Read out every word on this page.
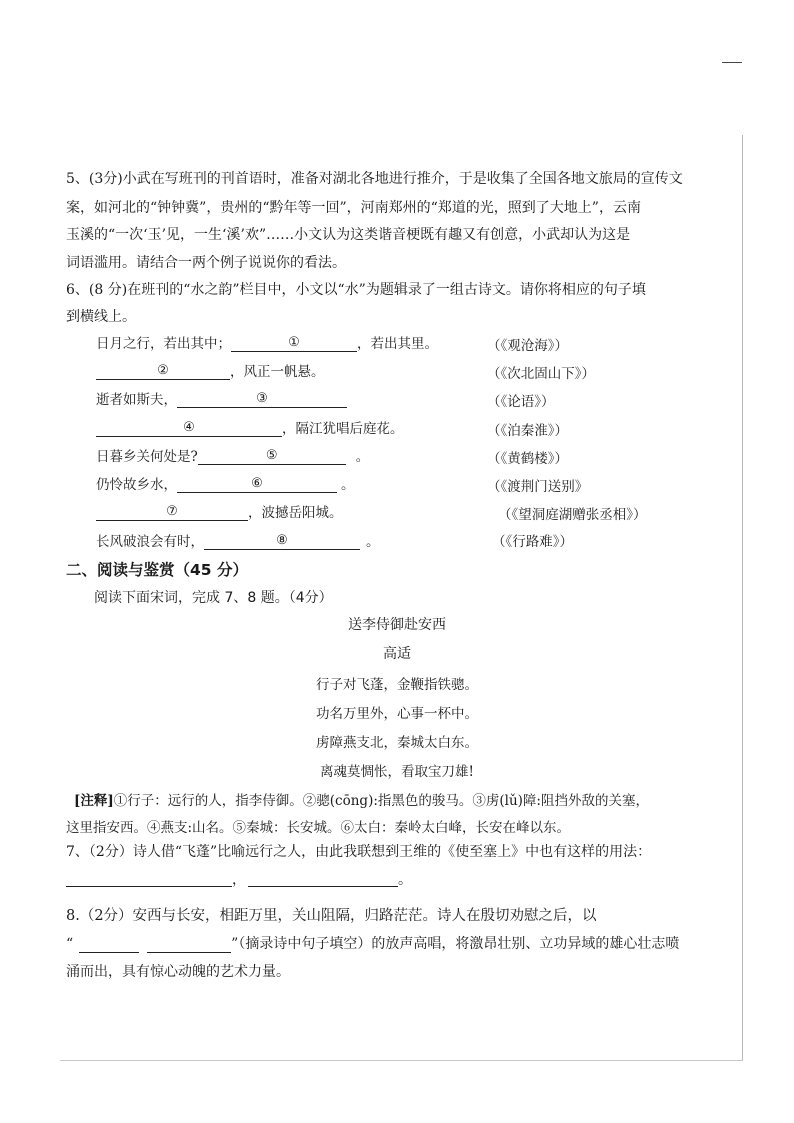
5、(3分)小武在写班刊的刊首语时，准备对湖北各地进行推介，于是收集了全国各地文旅局的宣传文
案，如河北的“钟钟冀”，贵州的“黔年等一回”，河南郑州的“郑道的光，照到了大地上”，云南
玉溪的“一次‘玉’见，一生‘溪’欢”……小文认为这类谐音梗既有趣又有创意，小武却认为这是
词语滥用。请结合一两个例子说说你的看法。
6、(8 分)在班刊的“水之韵”栏目中，小文以“水”为题辑录了一组古诗文。请你将相应的句子填
到横线上。
日月之行，若出其中；	①	，若出其里。	（《观沧海》）
②	，风正一帆悬。	（《次北固山下》）
逝者如斯夫，	③	（《论语》）
④	，隔江犹唱后庭花。	（《泊秦淮》）
日暮乡关何处是?	⑤	。	（《黄鹤楼》）
仍怜故乡水，	⑥	。	（《渡荆门送别》
⑦	，波撼岳阳城。	（《望洞庭湖赠张丞相》）
长风破浪会有时，	⑧	。	（《行路难》）
二、阅读与鉴赏（45 分）
阅读下面宋词，完成 7、8 题。（4分）
送李侍御赴安西
高适
行子对飞蓬，金鞭指铁骢。
功名万里外，心事一杯中。
虏障燕支北，秦城太白东。
离魂莫惆怅，看取宝刀雄!
[注释]①行子：远行的人，指李侍御。②骢(cōng):指黑色的骏马。③虏(lǔ)障:阻挡外敌的关塞，
这里指安西。④燕支:山名。⑤秦城：长安城。⑥太白：秦岭太白峰，长安在峰以东。
7、（2分）诗人借“飞蓬”比喻远行之人，由此我联想到王维的《使至塞上》中也有这样的用法：
，	。
8.（2分）安西与长安，相距万里，关山阻隔，归路茫茫。诗人在殷切劝慰之后，以
“	”（摘录诗中句子填空）的放声高唱，将激昂壮别、立功异域的雄心壮志喷
涌而出，具有惊心动魄的艺术力量。
